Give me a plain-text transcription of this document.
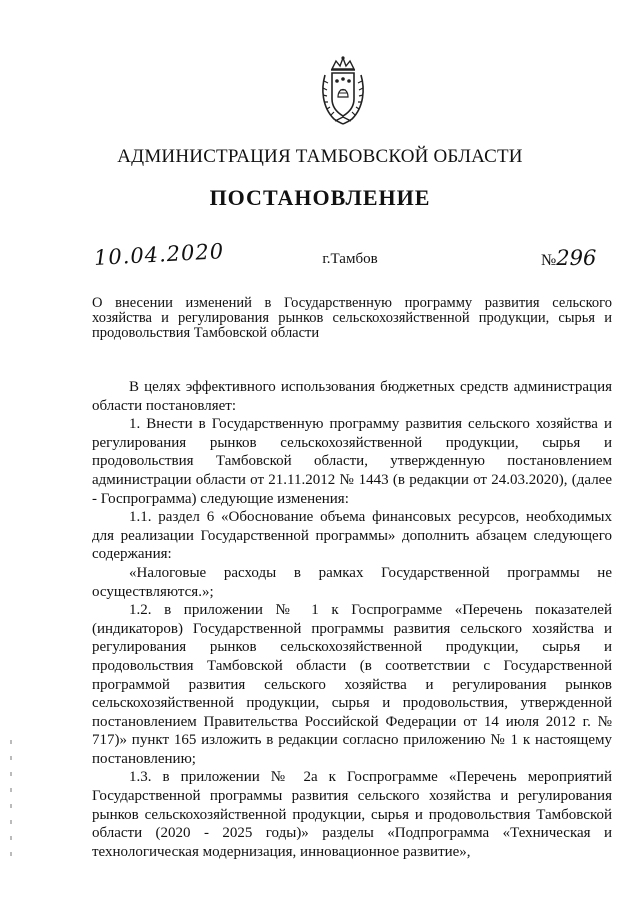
АДМИНИСТРАЦИЯ ТАМБОВСКОЙ ОБЛАСТИ
ПОСТАНОВЛЕНИЕ
10.04.2020	г.Тамбов	№296
О внесении изменений в Государственную программу развития сельского хозяйства и регулирования рынков сельскохозяйственной продукции, сырья и продовольствия Тамбовской области

В целях эффективного использования бюджетных средств администрация области постановляет:

1. Внести в Государственную программу развития сельского хозяйства и регулирования рынков сельскохозяйственной продукции, сырья и продовольствия Тамбовской области, утвержденную постановлением администрации области от 21.11.2012 № 1443 (в редакции от 24.03.2020), (далее - Госпрограмма) следующие изменения:

1.1. раздел 6 «Обоснование объема финансовых ресурсов, необходимых для реализации Государственной программы» дополнить абзацем следующего содержания:

«Налоговые расходы в рамках Государственной программы не осуществляются.»;

1.2. в приложении № 1 к Госпрограмме «Перечень показателей (индикаторов) Государственной программы развития сельского хозяйства и регулирования рынков сельскохозяйственной продукции, сырья и продовольствия Тамбовской области (в соответствии с Государственной программой развития сельского хозяйства и регулирования рынков сельскохозяйственной продукции, сырья и продовольствия, утвержденной постановлением Правительства Российской Федерации от 14 июля 2012 г. № 717)» пункт 165 изложить в редакции согласно приложению № 1 к настоящему постановлению;

1.3. в приложении № 2а к Госпрограмме «Перечень мероприятий Государственной программы развития сельского хозяйства и регулирования рынков сельскохозяйственной продукции, сырья и продовольствия Тамбовской области (2020 - 2025 годы)» разделы «Подпрограмма «Техническая и технологическая модернизация, инновационное развитие»,
